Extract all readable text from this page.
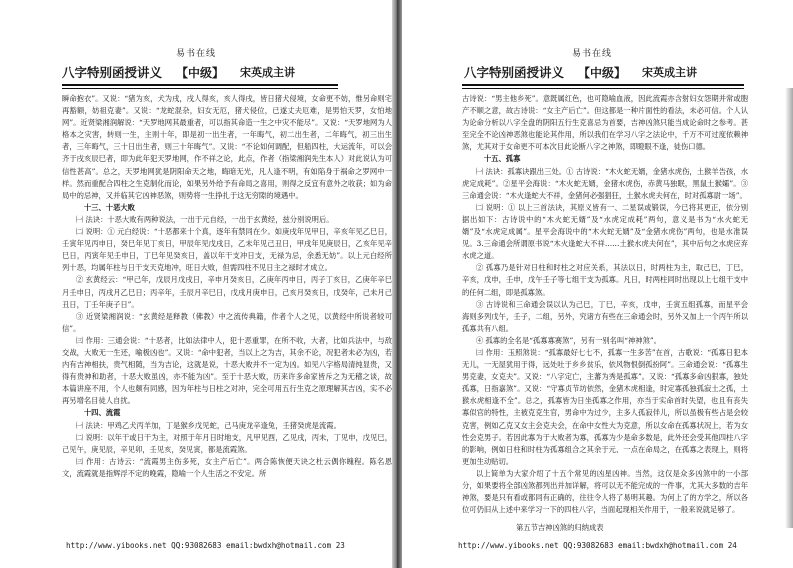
易书在线
八字特别函授讲义 【中级】 宋英成主讲

瞬命抱衣”。又说：“猪为亥，犬为戌，戌人得亥，亥人得戌，皆日猪犬侵境，女命更不妨，惟另命则宅再豁额，妨祖克妻”。又说：“龙蛇混杂，妇女无厄，猪犬侵位，已遂丈夫厄难，是男怕天罗，女怕地网”。近贤梁湘润解说：“天罗地网其最重者，可以指其命造一生之中灾不能尽”。又说：“天罗地网为人格本之灾害，转则一生，主则十年，即是初一出生者，一年晦气，初二出生者，二年晦气，初三出生者，三年晦气，三十日出生者，则三十年晦气”。又说：“不论如何调配，但船四柱，大运流年，可以会齐于戌亥辰巳者，即为此年犯天罗地网，作不祥之论，此点，作者（指梁湘润先生本人）对此说认为可信性甚高”。总之，天罗地网犹是阴阳命天之地，晦暗无光，凡人逢不明，有如陷身于祸命之罗网中一样。然而重配合四柱之生克制化而论，如果另外给予有命局之喜用，则得之反宜有意外之收获；如为命局中的忌神，又并临其它凶神恶煞，则势将一生挣扎于这无穷隙的境遇中。

十三、十恶大败

㈠ 法诀：十恶大败有两种说法，一出于元自经，一出于玄黄经，兹分别说明后。

㈡ 说明：① 元白经说：“十恶都来十个真，逐年有禁同在少。如庚戌年见甲日，辛亥年见乙巳日，壬寅年见丙申日，癸巳年见丁亥日，甲辰年见戊戌日，乙未年见己丑日，甲戌年见庚辰日，乙亥年见辛巳日，丙寅年见壬申日，丁巳年见癸亥日，盖以年干支冲日支，无禄为忌，余悉无妨”。以上元白经所列十恶，均属年柱与日干支天克地冲，旺日大败，但需四柱不见日主之禄时才成立。

② 玄黄经云：“甲己年，戊辰月戊戌日，辛申月癸亥日，乙庚年丙申日，丙子丁亥日，乙庚年辛巳月壬申日，丙戌月乙巳日；丙辛年，壬辰月辛巳日，戊戌月庚申日，己亥月癸亥日，戊癸年，己未月己丑日，丁壬年庚子日”。

③ 近贤梁湘润说：“玄黄经是释教（佛教）中之流传典籍，作者个人之见，以黄经中所说者较可信”。

㈢ 作用：三通会说：“十恶者，比如法律中人，犯十恶重罪，在所不收，大者，比如兵法中，与敌交战，大败无一生还，喻极凶也”。又说：“命中犯者，当以上之为吉，其余不论，况犯者未必为凶，若内有吉神相扶，贵气相随，当为吉论，这就是说，十恶大败并不一定为凶。如见八字格局清纯显贵，又得有贵神和助者，十恶大败虽凶，亦不能为凶”。至于十恶大败，历来许多命家皆斥之为无稽之谈，故本篇讲座不用，个人也颇有同感，因为年柱与日柱之对冲，完全可用五行生克之原理解其吉凶，实不必再另增名目徒人自扰。

十四、流霞

㈠ 法诀：甲鸡乙犬丙羊加，丁是猴乡戊见蛇，己马庚龙辛逢兔，壬猪癸虎是流霞。

㈡ 说明：以年干或日干为主，对照于年月日时地支，凡甲见酉，乙见戌，丙未，丁见申，戊见巳，己见午，庚见辰，辛见卯，壬见亥，癸见寅，都是流霞煞。

㈢ 作用：古诗云：“流霞男主伤多死，女主产后亡”。两合陈恢便天诀之杜云偶你魄程。陈名恩文，流霞就是指辉浮不定的晚霞，隐喻一个人生活之不安定。所

http://www.yibooks.net QQ:93082683 email:bwdxh@hotmail.com 23
易书在线
八字特别函授讲义 【中级】 宋英成主讲

古诗说：“男主他乡死”。意既属红色，也可隐喻血液，因此流霞亦含射妇女怨期并常或胞产不顺之意，故古诗说：“女主产后亡”。但这都是一种片面性的看法，未必可信。个人认为论命分析以八字全盘的阴阳五行生克喜忌为首要，吉神凶煞只能当成论命时之参考。甚至完全不论凶神恶煞也能论其作用，所以我们在学习八字之法论中，千万不可过度依赖神煞，尤其对于女命更不可本次目此论断八字之神煞，即瞪眼不逢，徒伤口德。

十五、孤寡

㈠ 法诀：孤寡诀跟出三处。① 古诗说：“木火蛇无婿，金猪水虎伤，土猴羊告孩，水虎定成耗”。②星平会海说：“木火蛇无婿，金猪水虎伤，赤黄马独眠，黑鼠土猴孀”。③ 三命通会说：“木火逢蛇大不祥，金猪何必强猖狂，土猴水虎夫何在，时对孤寡尉一场”。

㈡ 说明：① 以上三首法诀，其原义皆有一、二星误或锻误，今已将其更正，依分别据出如下：古诗说中的“木火蛇无婿”及“水虎定成耗”两句，意义是书为“水火蛇无婿”及“水虎定成属”。星平会海说中的“木火蛇无婿”及“金猪水虎伤”两句，也是水准误见。3.三命通会所谓原书说“木火逢蛇大不祥……土猴水虎夫何在”，其中后句之水虎应弃水虎之道。

② 孤寡乃是针对日柱和时柱之对应关系，其法以日，时两柱为主，取己巳，丁巳，辛亥，戊申，壬申，戊午壬子等七组干支为孤寡。凡日，时两柱同时出现以上七组干支中的任何二组，即是孤寡煞。

③ 古诗说和三命通会误以认为己巳，丁巳，辛亥，戊申，壬寅五组孤寡，而星平会海则多列戊午，壬子，二组，另外，究诸方有些在三命通会时，另外又加上一个丙午所以孤寡共有八组。

④ 孤寡的全名是“孤寡寡赛煞”，另有一别名叫“神神煞”。

㈢ 作用：玉照煞说：“孤寡最好七七不，孤寡一生多苦”在首，古歌说：“孤寡日犯本无儿，一无屋犹用于得，远处吐于乡乡贫乐，依风物恨倒孤扮阿”。三命通会说：“孤寡生男克妻，女克夫”。又说：“八字定亡，主蕃为秀是孤寡”。又说：“孤寡多命凶狠寡，独处孤寡，日指嘉煞”。又说：“守寡贞节坊依然，金猪木虎相逢，时定寡孤独孤寂土之孤，土猴水虎相逢不全”。总之，孤寡皆为日坐孤寡之作用，亦当于实命首时失望，也且有丧失寡似官的特性，主被克克生官，男命中为过少，主多人孤寂伴儿，所以虽极有些占是会较克害，例如乙克又女主会克夫会，在命中女性大为克意，所以女命在孤寡状况上，若为女性会克男子。若因此寡为于大败者为寡，孤寡为少是命多数是，此外还会受其他四柱八字的影响，例如日柱和时柱为孤寡组合之其余于元、一点在命局之，在孤寡之表现上，则将更加生动贴切。

以上简单为大家介绍了十五个常见的凶星凶神。当然，这仅是众多凶煞中的一小部分，如果要将全部凶煞都列出并加详解，将可以无不能完成的一件事，尤其大多数的吉年神煞，要是只有看或都同有正确的，往往令人将了易明其趣。为何上了的方学之，所以各位可仍旧从上述中来学习一下的四柱八字，当面起现相关作用于，一般来说就足够了。

第五节吉神凶煞的归纳成表
http://www.yibooks.net QQ:93082683 email:bwdxh@hotmail.com 24
